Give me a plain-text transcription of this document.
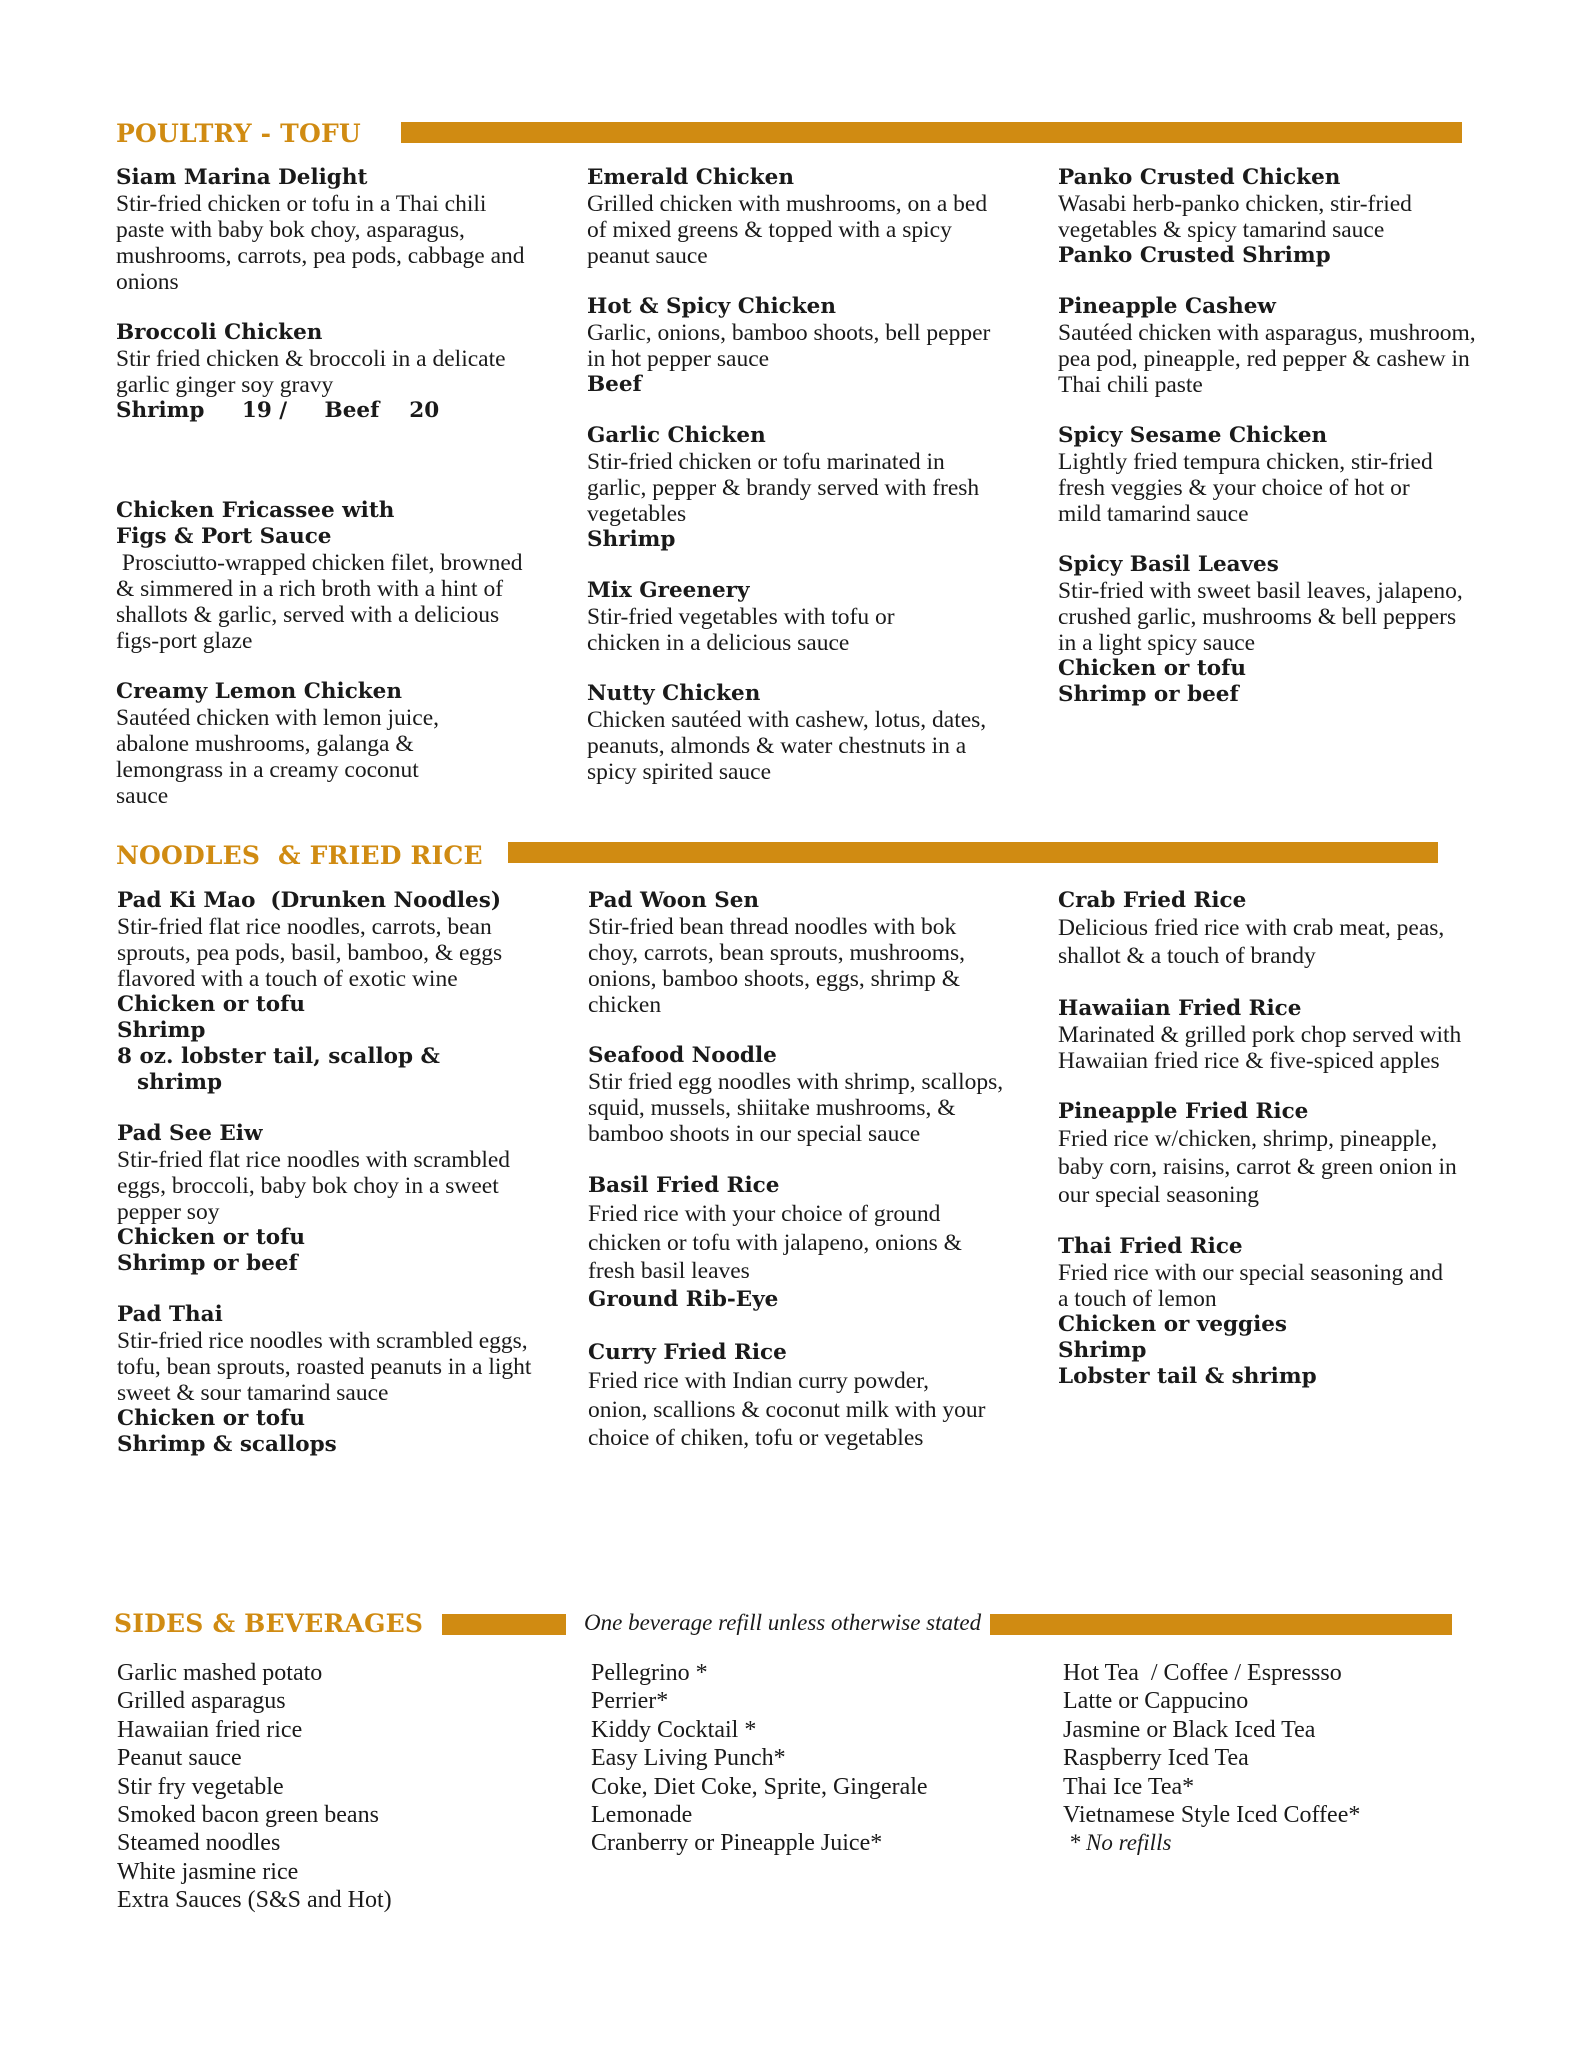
POULTRY - TOFU
Siam Marina Delight
Stir-fried chicken or tofu in a Thai chili paste with baby bok choy, asparagus, mushrooms, carrots, pea pods, cabbage and onions
Broccoli Chicken
Stir fried chicken & broccoli in a delicate garlic ginger soy gravy
Shrimp     19 /     Beef    20
Chicken Fricassee with Figs & Port Sauce
Prosciutto-wrapped chicken filet, browned & simmered in a rich broth with a hint of shallots & garlic, served with a delicious figs-port glaze
Creamy Lemon Chicken
Sautéed chicken with lemon juice, abalone mushrooms, galanga & lemongrass in a creamy coconut sauce
Emerald Chicken
Grilled chicken with mushrooms, on a bed of mixed greens & topped with a spicy peanut sauce
Hot & Spicy Chicken
Garlic, onions, bamboo shoots, bell pepper in hot pepper sauce
Beef
Garlic Chicken
Stir-fried chicken or tofu marinated in garlic, pepper & brandy served with fresh vegetables
Shrimp
Mix Greenery
Stir-fried vegetables with tofu or chicken in a delicious sauce
Nutty Chicken
Chicken sautéed with cashew, lotus, dates, peanuts, almonds & water chestnuts in a spicy spirited sauce
Panko Crusted Chicken
Wasabi herb-panko chicken, stir-fried vegetables & spicy tamarind sauce
Panko Crusted Shrimp
Pineapple Cashew
Sautéed chicken with asparagus, mushroom, pea pod, pineapple, red pepper & cashew in Thai chili paste
Spicy Sesame Chicken
Lightly fried tempura chicken, stir-fried fresh veggies & your choice of hot or mild tamarind sauce
Spicy Basil Leaves
Stir-fried with sweet basil leaves, jalapeno, crushed garlic, mushrooms & bell peppers in a light spicy sauce
Chicken or tofu
Shrimp or beef
NOODLES  & FRIED RICE
Pad Ki Mao  (Drunken Noodles)
Stir-fried flat rice noodles, carrots, bean sprouts, pea pods, basil, bamboo, & eggs flavored with a touch of exotic wine
Chicken or tofu
Shrimp
8 oz. lobster tail, scallop &
shrimp
Pad See Eiw
Stir-fried flat rice noodles with scrambled eggs, broccoli, baby bok choy in a sweet pepper soy
Chicken or tofu
Shrimp or beef
Pad Thai
Stir-fried rice noodles with scrambled eggs, tofu, bean sprouts, roasted peanuts in a light sweet & sour tamarind sauce
Chicken or tofu
Shrimp & scallops
Pad Woon Sen
Stir-fried bean thread noodles with bok choy, carrots, bean sprouts, mushrooms, onions, bamboo shoots, eggs, shrimp & chicken
Seafood Noodle
Stir fried egg noodles with shrimp, scallops, squid, mussels, shiitake mushrooms, & bamboo shoots in our special sauce
Basil Fried Rice
Fried rice with your choice of ground chicken or tofu with jalapeno, onions & fresh basil leaves
Ground Rib-Eye
Curry Fried Rice
Fried rice with Indian curry powder, onion, scallions & coconut milk with your choice of chiken, tofu or vegetables
Crab Fried Rice
Delicious fried rice with crab meat, peas, shallot & a touch of brandy
Hawaiian Fried Rice
Marinated & grilled pork chop served with Hawaiian fried rice & five-spiced apples
Pineapple Fried Rice
Fried rice w/chicken, shrimp, pineapple, baby corn, raisins, carrot & green onion in our special seasoning
Thai Fried Rice
Fried rice with our special seasoning and a touch of lemon
Chicken or veggies
Shrimp
Lobster tail & shrimp
SIDES & BEVERAGES	One beverage refill unless otherwise stated
Garlic mashed potato
Grilled asparagus
Hawaiian fried rice
Peanut sauce
Stir fry vegetable
Smoked bacon green beans
Steamed noodles
White jasmine rice
Extra Sauces (S&S and Hot)
Pellegrino *
Perrier*
Kiddy Cocktail *
Easy Living Punch*
Coke, Diet Coke, Sprite, Gingerale
Lemonade
Cranberry or Pineapple Juice*
Hot Tea  / Coffee / Espressso
Latte or Cappucino
Jasmine or Black Iced Tea
Raspberry Iced Tea
Thai Ice Tea*
Vietnamese Style Iced Coffee*
* No refills
